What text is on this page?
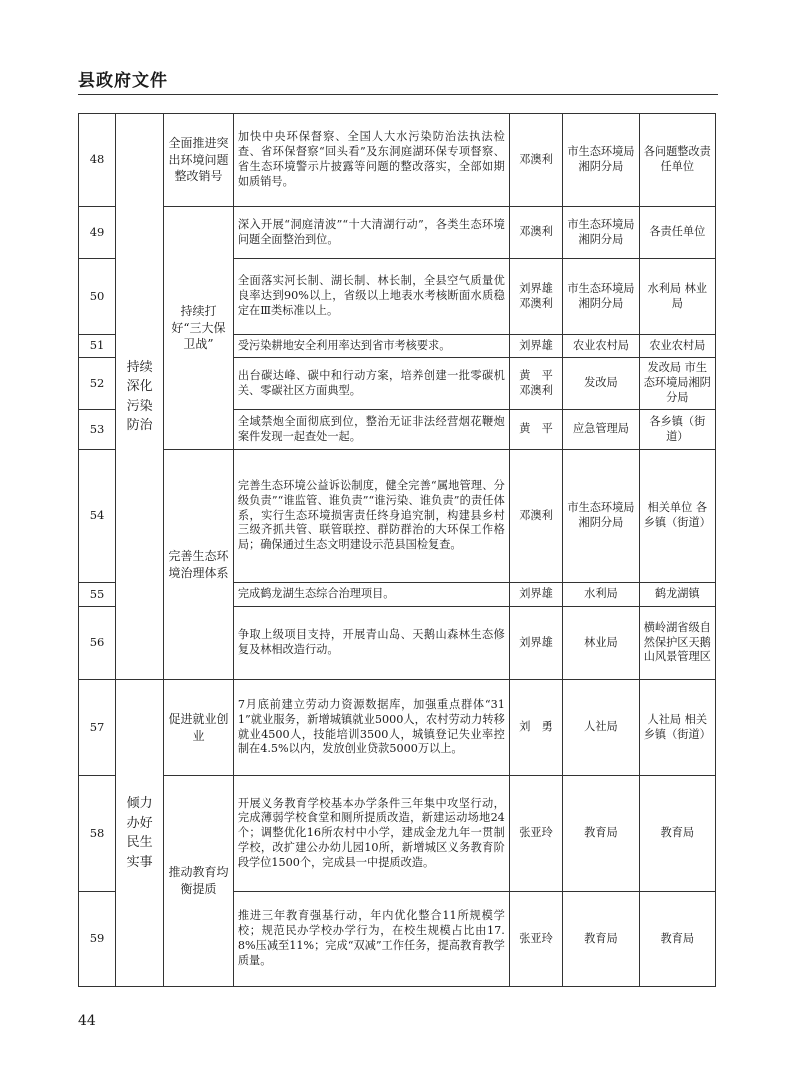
县政府文件
48	持续深化污染防治	全面推进突出环境问题整改销号	加快中央环保督察、全国人大水污染防治法执法检查、省环保督察“回头看”及东洞庭湖环保专项督察、省生态环境警示片披露等问题的整改落实，全部如期如质销号。	邓澳利	市生态环境局湘阴分局	各问题整改责任单位
49		持续打好“三大保卫战”	深入开展“洞庭清波”“十大清湖行动”，各类生态环境问题全面整治到位。	邓澳利	市生态环境局湘阴分局	各责任单位
50			全面落实河长制、湖长制、林长制，全县空气质量优良率达到90%以上，省级以上地表水考核断面水质稳定在Ⅲ类标准以上。	刘界雄 邓澳利	市生态环境局湘阴分局	水利局 林业局
51			受污染耕地安全利用率达到省市考核要求。	刘界雄	农业农村局	农业农村局
52			出台碳达峰、碳中和行动方案，培养创建一批零碳机关、零碳社区方面典型。	黄　平 邓澳利	发改局	发改局 市生态环境局湘阴分局
53			全域禁炮全面彻底到位，整治无证非法经营烟花鞭炮案件发现一起查处一起。	黄　平	应急管理局	各乡镇（街道）
54		完善生态环境治理体系	完善生态环境公益诉讼制度，健全完善“属地管理、分级负责”“谁监管、谁负责”“谁污染、谁负责”的责任体系，实行生态环境损害责任终身追究制，构建县乡村三级齐抓共管、联管联控、群防群治的大环保工作格局；确保通过生态文明建设示范县国检复查。	邓澳利	市生态环境局湘阴分局	相关单位 各乡镇（街道）
55			完成鹤龙湖生态综合治理项目。	刘界雄	水利局	鹤龙湖镇
56			争取上级项目支持，开展青山岛、天鹅山森林生态修复及林相改造行动。	刘界雄	林业局	横岭湖省级自然保护区天鹅山风景管理区
57	倾力办好民生实事	促进就业创业	7月底前建立劳动力资源数据库，加强重点群体“311”就业服务，新增城镇就业5000人，农村劳动力转移就业4500人，技能培训3500人，城镇登记失业率控制在4.5%以内，发放创业贷款5000万以上。	刘　勇	人社局	人社局 相关乡镇（街道）
58		推动教育均衡提质	开展义务教育学校基本办学条件三年集中攻坚行动，完成薄弱学校食堂和厕所提质改造，新建运动场地24个；调整优化16所农村中小学，建成金龙九年一贯制学校，改扩建公办幼儿园10所，新增城区义务教育阶段学位1500个，完成县一中提质改造。	张亚玲	教育局	教育局
59			推进三年教育强基行动，年内优化整合11所规模学校；规范民办学校办学行为，在校生规模占比由17.8%压减至11%；完成“双减”工作任务，提高教育教学质量。	张亚玲	教育局	教育局
44
